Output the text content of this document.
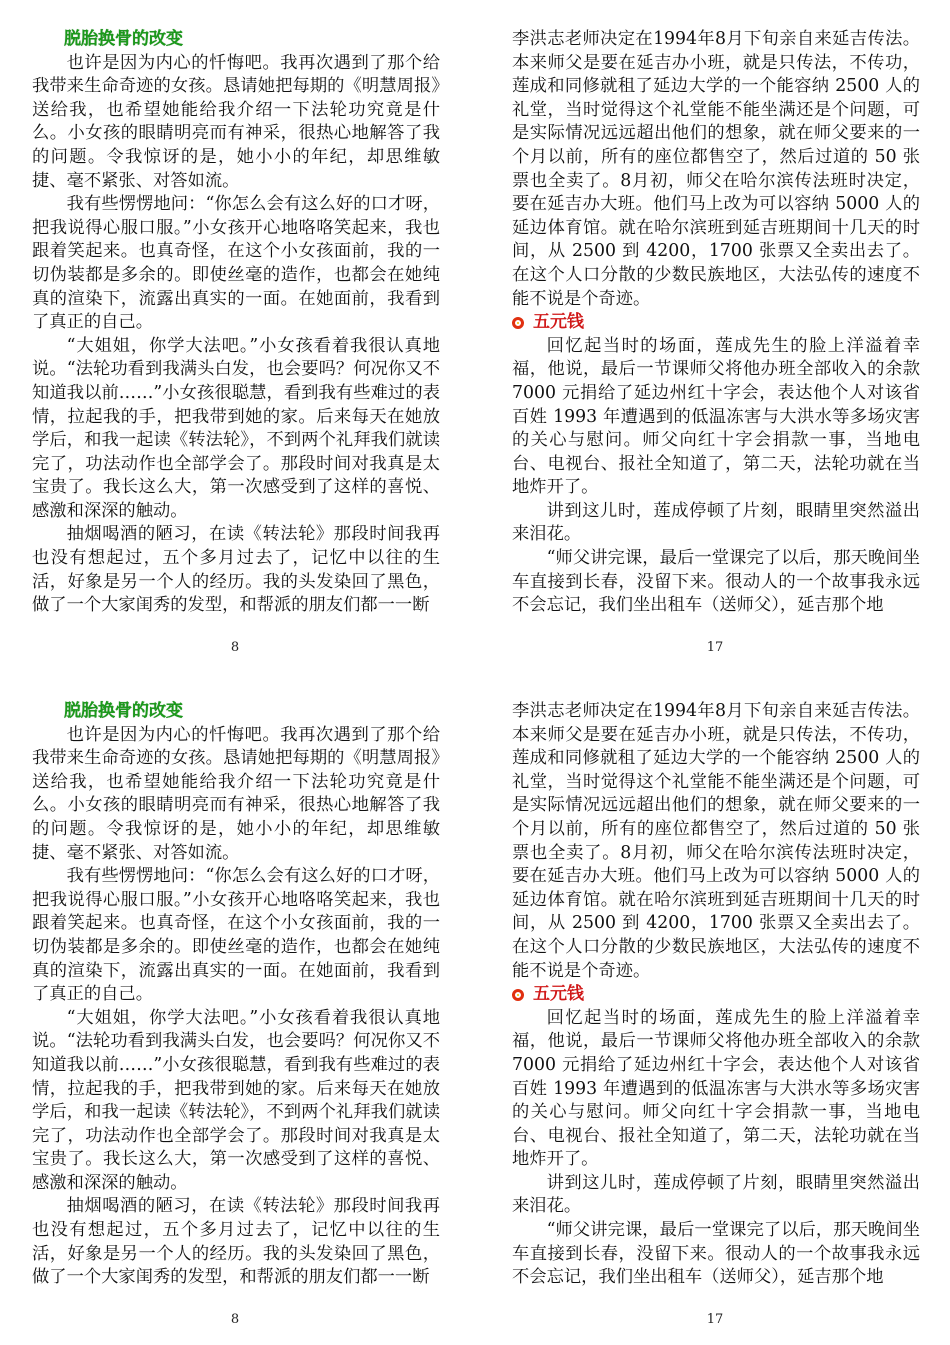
脱胎换骨的改变

也许是因为内心的忏悔吧。我再次遇到了那个给我带来生命奇迹的女孩。恳请她把每期的《明慧周报》送给我，也希望她能给我介绍一下法轮功究竟是什么。小女孩的眼睛明亮而有神采，很热心地解答了我的问题。令我惊讶的是，她小小的年纪，却思维敏捷、毫不紧张、对答如流。

我有些愣愣地问：“你怎么会有这么好的口才呀，把我说得心服口服。”小女孩开心地咯咯笑起来，我也跟着笑起来。也真奇怪，在这个小女孩面前，我的一切伪装都是多余的。即使丝毫的造作，也都会在她纯真的渲染下，流露出真实的一面。在她面前，我看到了真正的自己。

“大姐姐，你学大法吧。”小女孩看着我很认真地说。“法轮功看到我满头白发，也会要吗？何况你又不知道我以前……”小女孩很聪慧，看到我有些难过的表情，拉起我的手，把我带到她的家。后来每天在她放学后，和我一起读《转法轮》，不到两个礼拜我们就读完了，功法动作也全部学会了。那段时间对我真是太宝贵了。我长这么大，第一次感受到了这样的喜悦、感激和深深的触动。

抽烟喝酒的陋习，在读《转法轮》那段时间我再也没有想起过，五个多月过去了，记忆中以往的生活，好象是另一个人的经历。我的头发染回了黑色，做了一个大家闺秀的发型，和帮派的朋友们都一一断

李洪志老师决定在1994年8月下旬亲自来延吉传法。本来师父是要在延吉办小班，就是只传法，不传功，莲成和同修就租了延边大学的一个能容纳 2500 人的礼堂，当时觉得这个礼堂能不能坐满还是个问题，可是实际情况远远超出他们的想象，就在师父要来的一个月以前，所有的座位都售空了，然后过道的 50 张票也全卖了。8月初，师父在哈尔滨传法班时决定，要在延吉办大班。他们马上改为可以容纳 5000 人的延边体育馆。就在哈尔滨班到延吉班期间十几天的时间，从 2500 到 4200，1700 张票又全卖出去了。在这个人口分散的少数民族地区，大法弘传的速度不能不说是个奇迹。

五元钱

回忆起当时的场面，莲成先生的脸上洋溢着幸福，他说，最后一节课师父将他办班全部收入的余款 7000 元捐给了延边州红十字会，表达他个人对该省百姓 1993 年遭遇到的低温冻害与大洪水等多场灾害的关心与慰问。师父向红十字会捐款一事，当地电台、电视台、报社全知道了，第二天，法轮功就在当地炸开了。

讲到这儿时，莲成停顿了片刻，眼睛里突然溢出来泪花。

“师父讲完课，最后一堂课完了以后，那天晚间坐车直接到长春，没留下来。很动人的一个故事我永远不会忘记，我们坐出租车（送师父），延吉那个地

8	17
脱胎换骨的改变

也许是因为内心的忏悔吧。我再次遇到了那个给我带来生命奇迹的女孩。恳请她把每期的《明慧周报》送给我，也希望她能给我介绍一下法轮功究竟是什么。小女孩的眼睛明亮而有神采，很热心地解答了我的问题。令我惊讶的是，她小小的年纪，却思维敏捷、毫不紧张、对答如流。

我有些愣愣地问：“你怎么会有这么好的口才呀，把我说得心服口服。”小女孩开心地咯咯笑起来，我也跟着笑起来。也真奇怪，在这个小女孩面前，我的一切伪装都是多余的。即使丝毫的造作，也都会在她纯真的渲染下，流露出真实的一面。在她面前，我看到了真正的自己。

“大姐姐，你学大法吧。”小女孩看着我很认真地说。“法轮功看到我满头白发，也会要吗？何况你又不知道我以前……”小女孩很聪慧，看到我有些难过的表情，拉起我的手，把我带到她的家。后来每天在她放学后，和我一起读《转法轮》，不到两个礼拜我们就读完了，功法动作也全部学会了。那段时间对我真是太宝贵了。我长这么大，第一次感受到了这样的喜悦、感激和深深的触动。

抽烟喝酒的陋习，在读《转法轮》那段时间我再也没有想起过，五个多月过去了，记忆中以往的生活，好象是另一个人的经历。我的头发染回了黑色，做了一个大家闺秀的发型，和帮派的朋友们都一一断

李洪志老师决定在1994年8月下旬亲自来延吉传法。本来师父是要在延吉办小班，就是只传法，不传功，莲成和同修就租了延边大学的一个能容纳 2500 人的礼堂，当时觉得这个礼堂能不能坐满还是个问题，可是实际情况远远超出他们的想象，就在师父要来的一个月以前，所有的座位都售空了，然后过道的 50 张票也全卖了。8月初，师父在哈尔滨传法班时决定，要在延吉办大班。他们马上改为可以容纳 5000 人的延边体育馆。就在哈尔滨班到延吉班期间十几天的时间，从 2500 到 4200，1700 张票又全卖出去了。在这个人口分散的少数民族地区，大法弘传的速度不能不说是个奇迹。

五元钱

回忆起当时的场面，莲成先生的脸上洋溢着幸福，他说，最后一节课师父将他办班全部收入的余款 7000 元捐给了延边州红十字会，表达他个人对该省百姓 1993 年遭遇到的低温冻害与大洪水等多场灾害的关心与慰问。师父向红十字会捐款一事，当地电台、电视台、报社全知道了，第二天，法轮功就在当地炸开了。

讲到这儿时，莲成停顿了片刻，眼睛里突然溢出来泪花。

“师父讲完课，最后一堂课完了以后，那天晚间坐车直接到长春，没留下来。很动人的一个故事我永远不会忘记，我们坐出租车（送师父），延吉那个地

8	17
